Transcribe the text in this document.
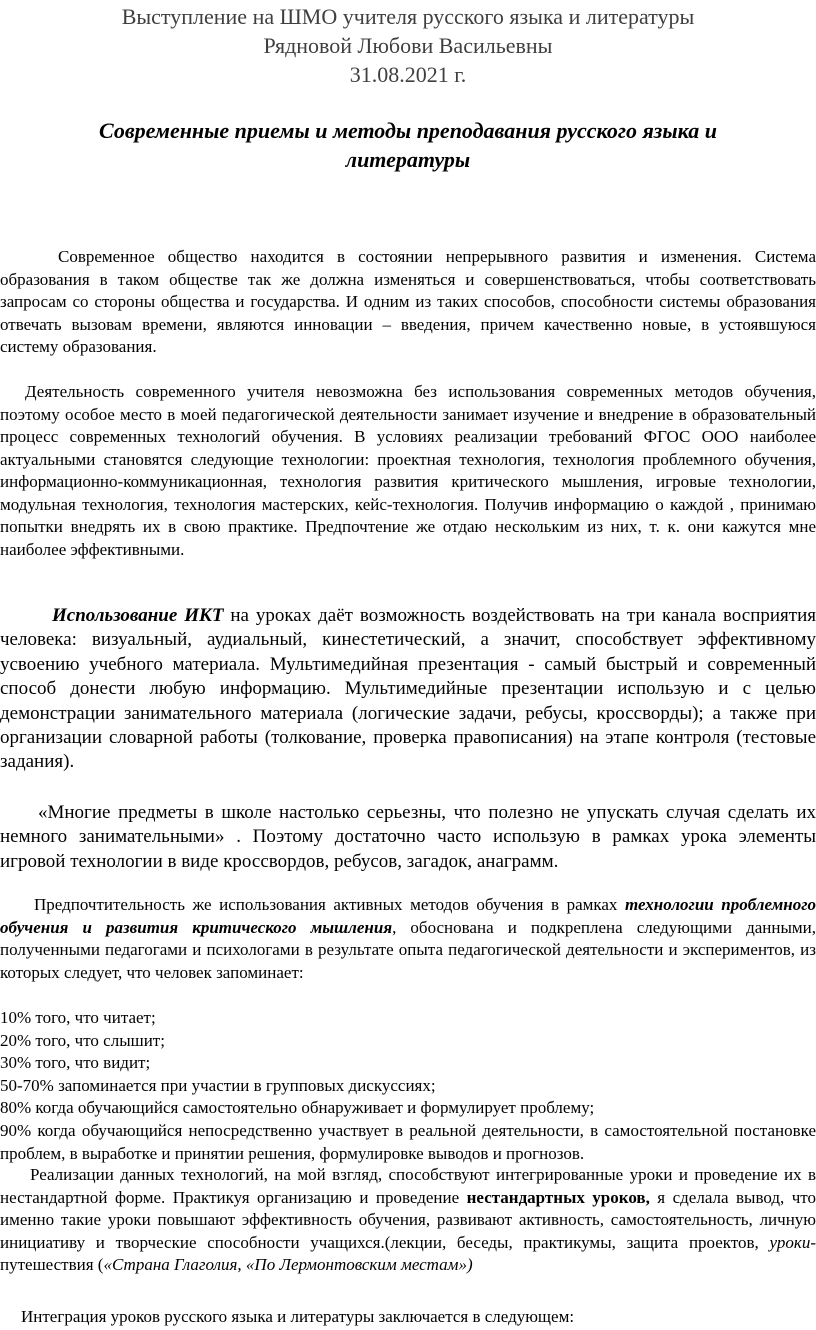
Выступление на ШМО учителя русского языка и литературы
Рядновой Любови Васильевны
31.08.2021 г.
Современные приемы и методы преподавания русского языка и литературы
Современное общество находится в состоянии непрерывного развития и изменения. Система образования в таком обществе так же должна изменяться и совершенствоваться, чтобы соответствовать запросам со стороны общества и государства. И одним из таких способов, способности системы образования отвечать вызовам времени, являются инновации – введения, причем качественно новые, в устоявшуюся систему образования.
Деятельность современного учителя невозможна без использования современных методов обучения, поэтому особое место в моей педагогической деятельности занимает изучение и внедрение в образовательный процесс современных технологий обучения. В условиях реализации требований ФГОС ООО наиболее актуальными становятся следующие технологии: проектная технология, технология проблемного обучения, информационно-коммуникационная, технология развития критического мышления, игровые технологии, модульная технология, технология мастерских, кейс-технология. Получив информацию о каждой , принимаю попытки внедрять их в свою практике. Предпочтение же отдаю нескольким из них, т. к. они кажутся мне наиболее эффективными.
Использование ИКТ на уроках даёт возможность воздействовать на три канала восприятия человека: визуальный, аудиальный, кинестетический, а значит, способствует эффективному усвоению учебного материала. Мультимедийная презентация - самый быстрый и современный способ донести любую информацию. Мультимедийные презентации использую и с целью демонстрации занимательного материала (логические задачи, ребусы, кроссворды); а также при организации словарной работы (толкование, проверка правописания) на этапе контроля (тестовые задания).
«Многие предметы в школе настолько серьезны, что полезно не упускать случая сделать их немного занимательными» . Поэтому достаточно часто использую в рамках урока элементы игровой технологии в виде кроссвордов, ребусов, загадок, анаграмм.
Предпочтительность же использования активных методов обучения в рамках технологии проблемного обучения и развития критического мышления, обоснована и подкреплена следующими данными, полученными педагогами и психологами в результате опыта педагогической деятельности и экспериментов, из которых следует, что человек запоминает:
10% того, что читает;
20% того, что слышит;
30% того, что видит;
50-70% запоминается при участии в групповых дискуссиях;
80% когда обучающийся самостоятельно обнаруживает и формулирует проблему;
90% когда обучающийся непосредственно участвует в реальной деятельности, в самостоятельной постановке проблем, в выработке и принятии решения, формулировке выводов и прогнозов.
Реализации данных технологий, на мой взгляд, способствуют интегрированные уроки и проведение их в нестандартной форме. Практикуя организацию и проведение нестандартных уроков, я сделала вывод, что именно такие уроки повышают эффективность обучения, развивают активность, самостоятельность, личную инициативу и творческие способности учащихся.(лекции, беседы, практикумы, защита проектов, уроки-путешествия («Страна Глаголия, «По Лермонтовским местам»)
Интеграция уроков русского языка и литературы заключается в следующем:
